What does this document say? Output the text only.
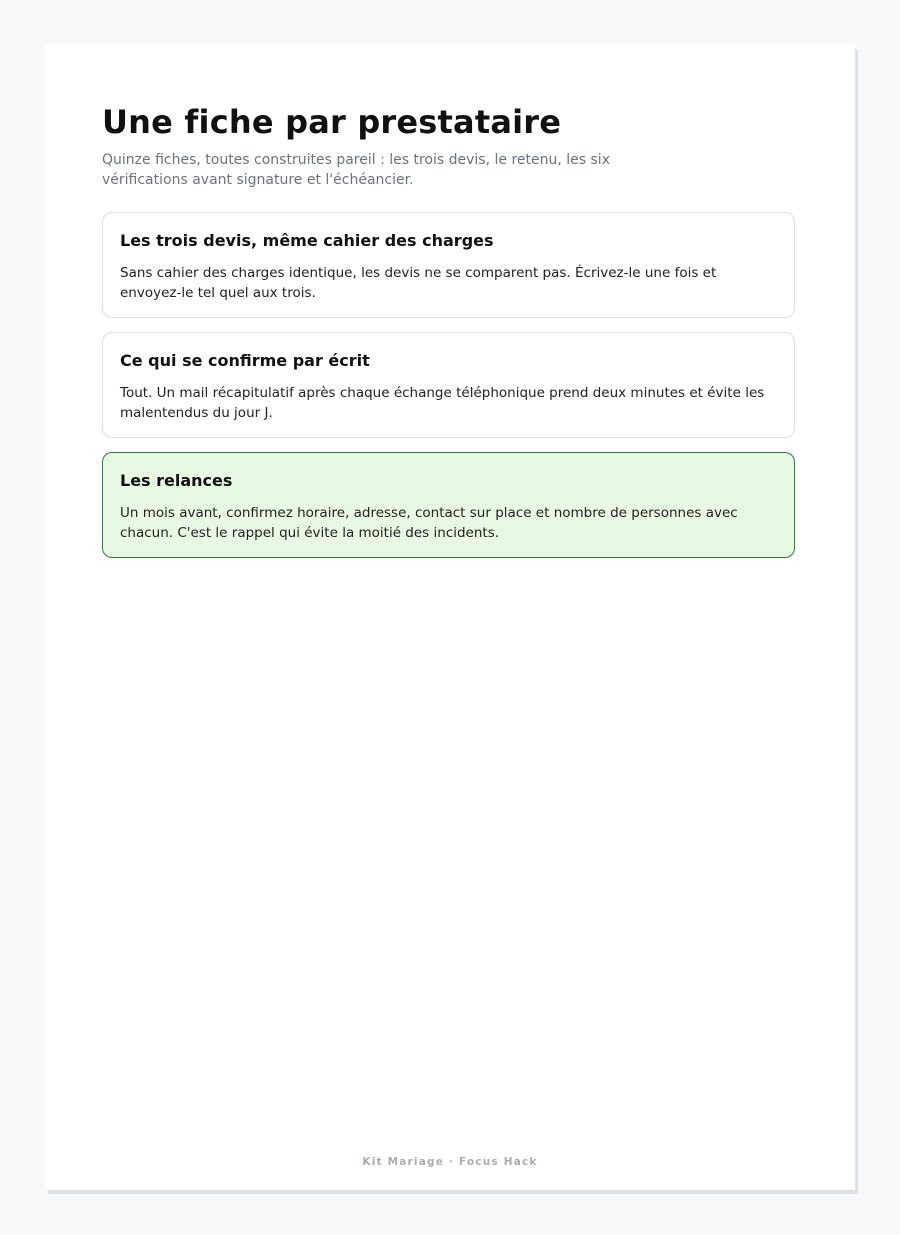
Une fiche par prestataire
Quinze fiches, toutes construites pareil : les trois devis, le retenu, les six vérifications avant signature et l'échéancier.
Les trois devis, même cahier des charges
Sans cahier des charges identique, les devis ne se comparent pas. Écrivez-le une fois et envoyez-le tel quel aux trois.
Ce qui se confirme par écrit
Tout. Un mail récapitulatif après chaque échange téléphonique prend deux minutes et évite les malentendus du jour J.
Les relances
Un mois avant, confirmez horaire, adresse, contact sur place et nombre de personnes avec chacun. C'est le rappel qui évite la moitié des incidents.
Kit Mariage · Focus Hack
